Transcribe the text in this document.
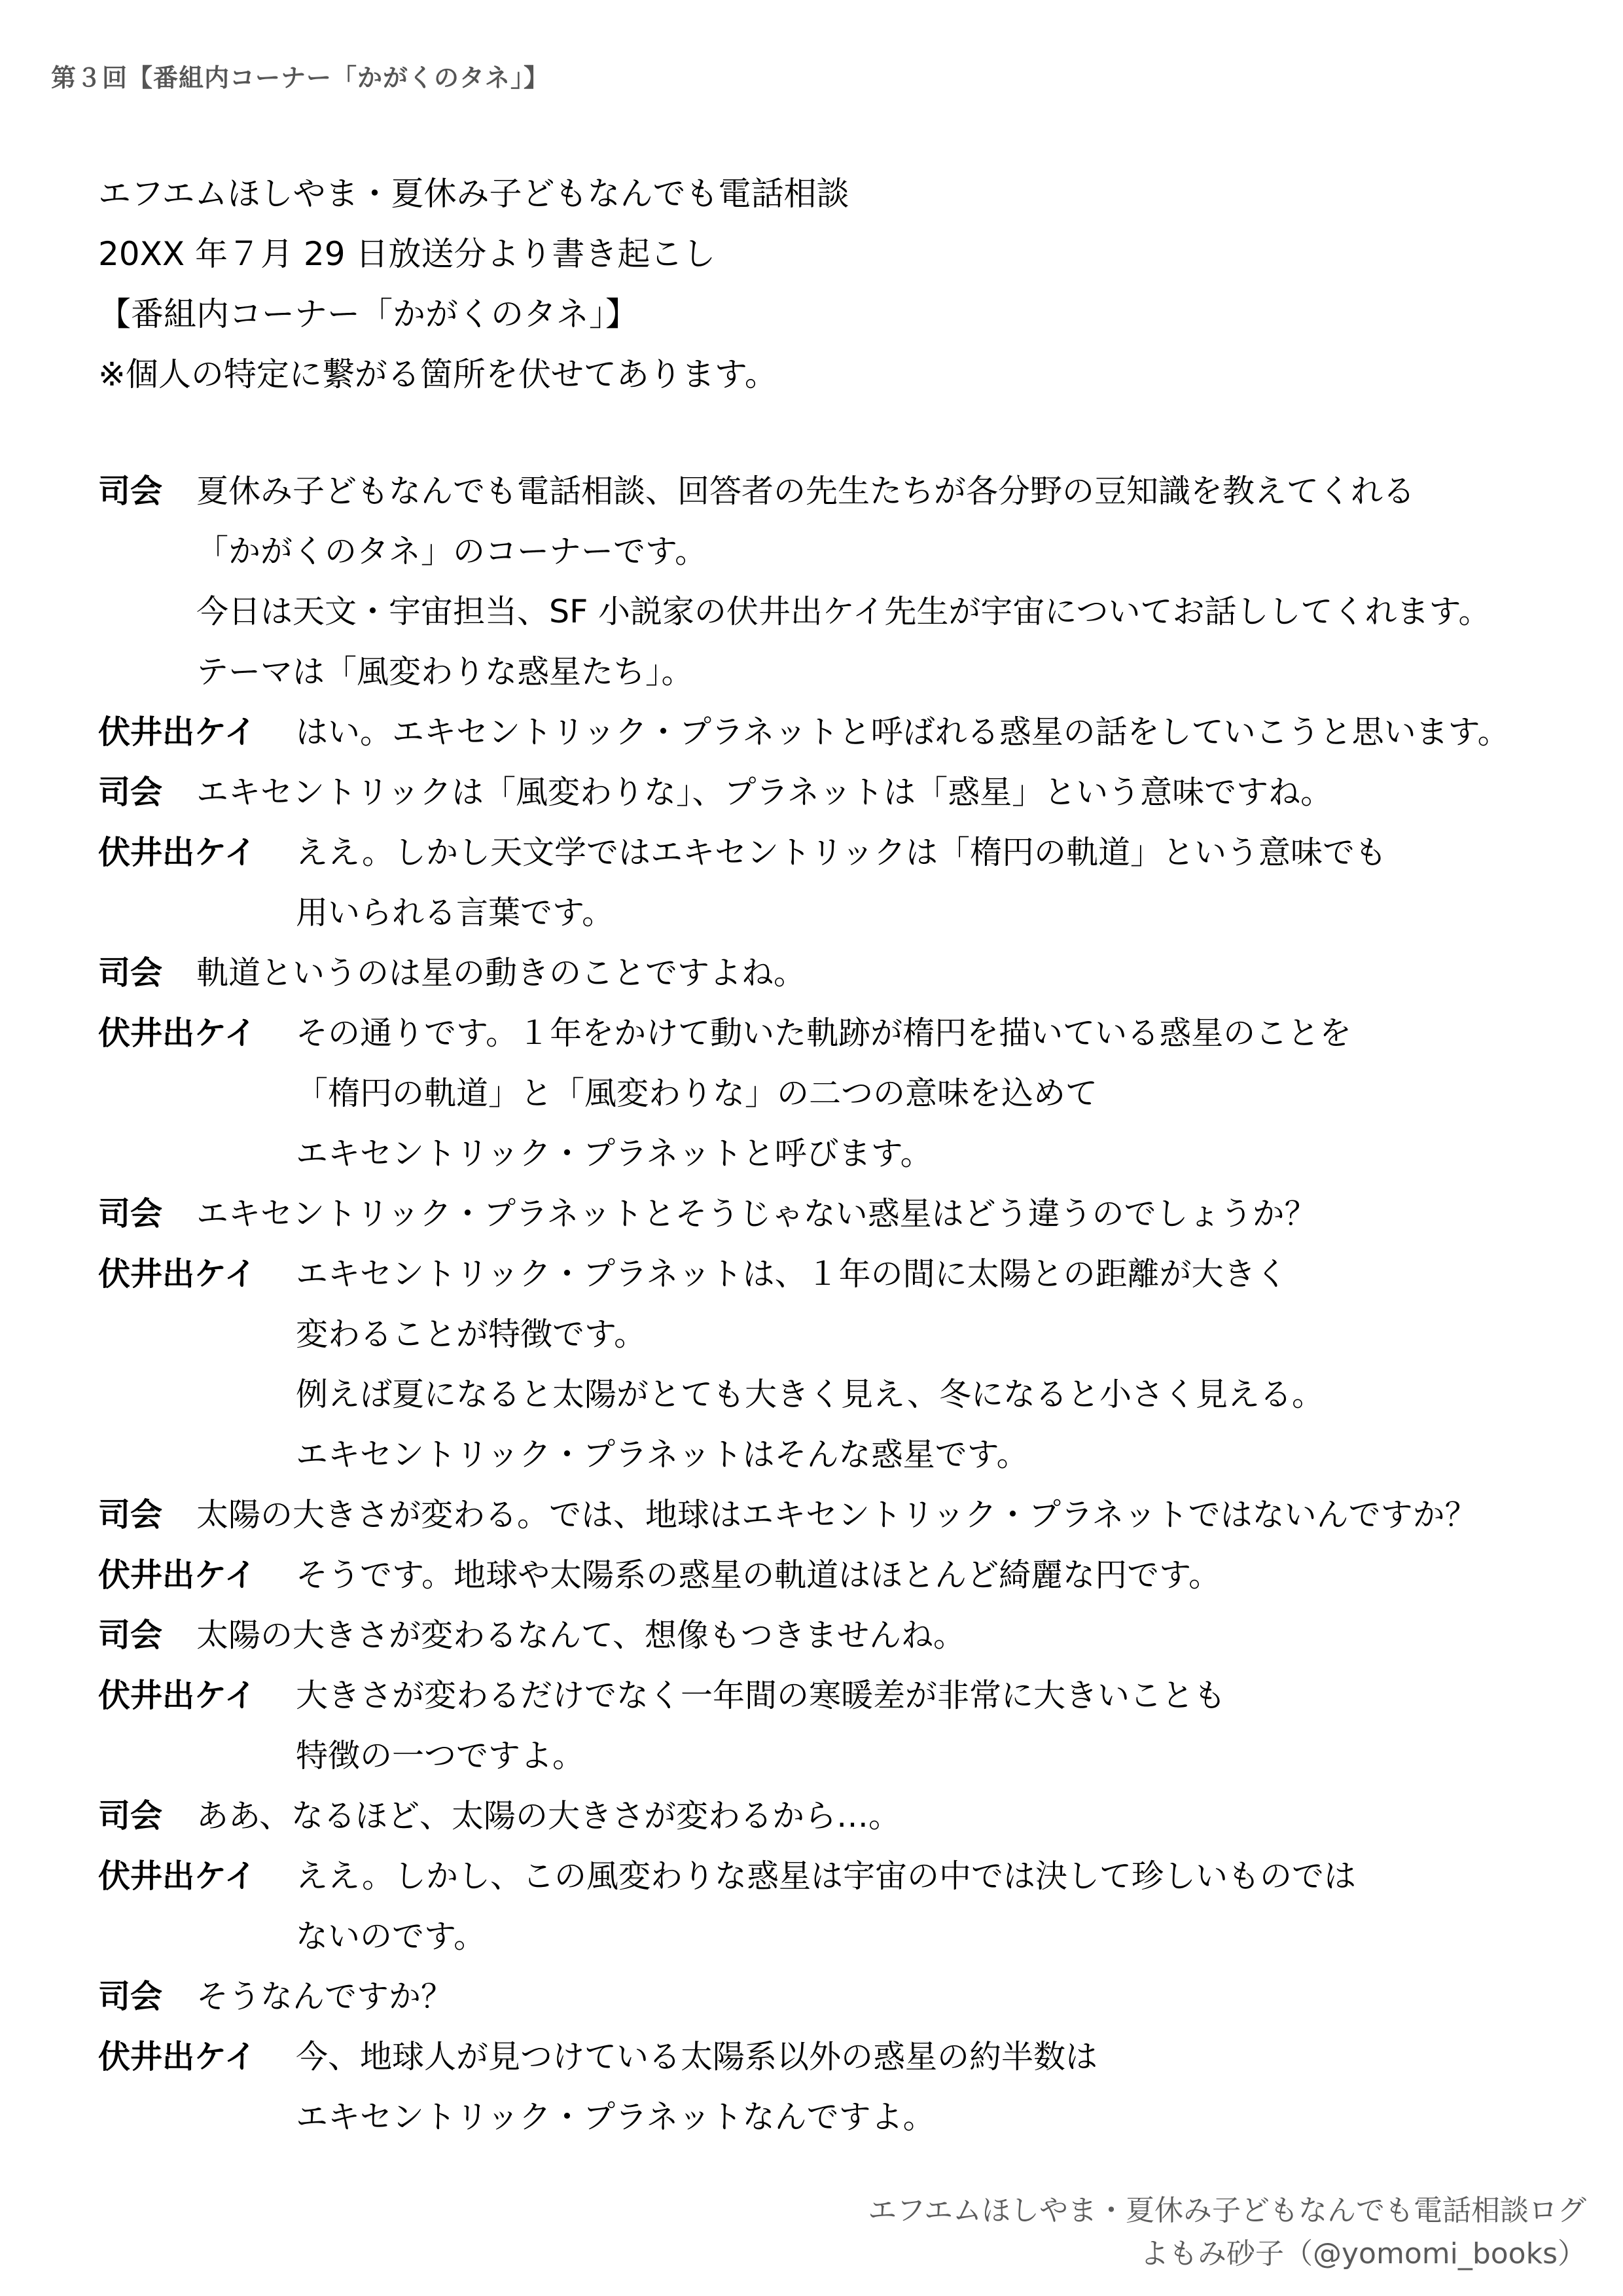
第３回【番組内コーナー「かがくのタネ」】
エフエムほしやま・夏休み子どもなんでも電話相談
20XX 年７月 29 日放送分より書き起こし
【番組内コーナー「かがくのタネ」】
※個人の特定に繋がる箇所を伏せてあります。
司会	夏休み子どもなんでも電話相談、回答者の先生たちが各分野の豆知識を教えてくれる
「かがくのタネ」のコーナーです。
今日は天文・宇宙担当、SF 小説家の伏井出ケイ先生が宇宙についてお話ししてくれます。
テーマは「風変わりな惑星たち」。
伏井出ケイ	はい。エキセントリック・プラネットと呼ばれる惑星の話をしていこうと思います。
司会	エキセントリックは「風変わりな」、プラネットは「惑星」という意味ですね。
伏井出ケイ	ええ。しかし天文学ではエキセントリックは「楕円の軌道」という意味でも
用いられる言葉です。
司会	軌道というのは星の動きのことですよね。
伏井出ケイ	その通りです。１年をかけて動いた軌跡が楕円を描いている惑星のことを
「楕円の軌道」と「風変わりな」の二つの意味を込めて
エキセントリック・プラネットと呼びます。
司会	エキセントリック・プラネットとそうじゃない惑星はどう違うのでしょうか？
伏井出ケイ	エキセントリック・プラネットは、１年の間に太陽との距離が大きく
変わることが特徴です。
例えば夏になると太陽がとても大きく見え、冬になると小さく見える。
エキセントリック・プラネットはそんな惑星です。
司会	太陽の大きさが変わる。では、地球はエキセントリック・プラネットではないんですか？
伏井出ケイ	そうです。地球や太陽系の惑星の軌道はほとんど綺麗な円です。
司会	太陽の大きさが変わるなんて、想像もつきませんね。
伏井出ケイ	大きさが変わるだけでなく一年間の寒暖差が非常に大きいことも
特徴の一つですよ。
司会	ああ、なるほど、太陽の大きさが変わるから…。
伏井出ケイ	ええ。しかし、この風変わりな惑星は宇宙の中では決して珍しいものでは
ないのです。
司会	そうなんですか？
伏井出ケイ	今、地球人が見つけている太陽系以外の惑星の約半数は
エキセントリック・プラネットなんですよ。
エフエムほしやま・夏休み子どもなんでも電話相談ログ
よもみ砂子（@yomomi_books）
